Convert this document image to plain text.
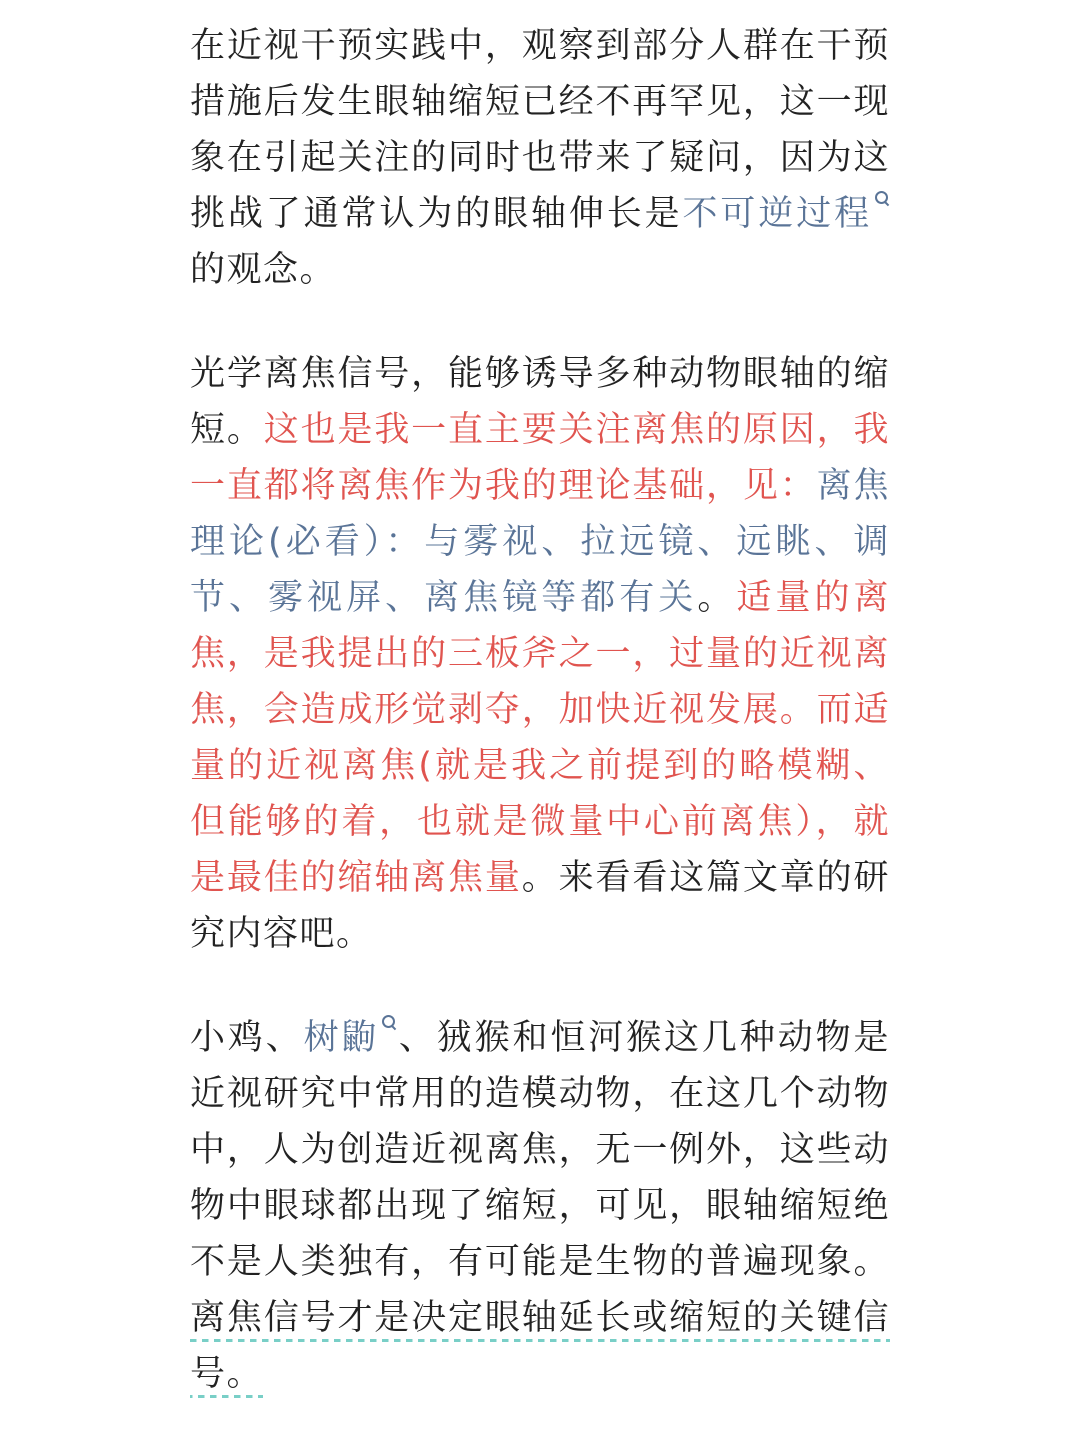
在近视干预实践中，观察到部分人群在干预措施后发生眼轴缩短已经不再罕见，这一现象在引起关注的同时也带来了疑问，因为这挑战了通常认为的眼轴伸长是不可逆过程的观念。

光学离焦信号，能够诱导多种动物眼轴的缩短。这也是我一直主要关注离焦的原因，我一直都将离焦作为我的理论基础，见：离焦理论(必看）：与雾视、拉远镜、远眺、调节、雾视屏、离焦镜等都有关。适量的离焦，是我提出的三板斧之一，过量的近视离焦，会造成形觉剥夺，加快近视发展。而适量的近视离焦(就是我之前提到的略模糊、但能够的着，也就是微量中心前离焦），就是最佳的缩轴离焦量。来看看这篇文章的研究内容吧。

小鸡、树鼩 、狨猴和恒河猴这几种动物是近视研究中常用的造模动物，在这几个动物中，人为创造近视离焦，无一例外，这些动物中眼球都出现了缩短，可见，眼轴缩短绝不是人类独有，有可能是生物的普遍现象。离焦信号才是决定眼轴延长或缩短的关键信号。
